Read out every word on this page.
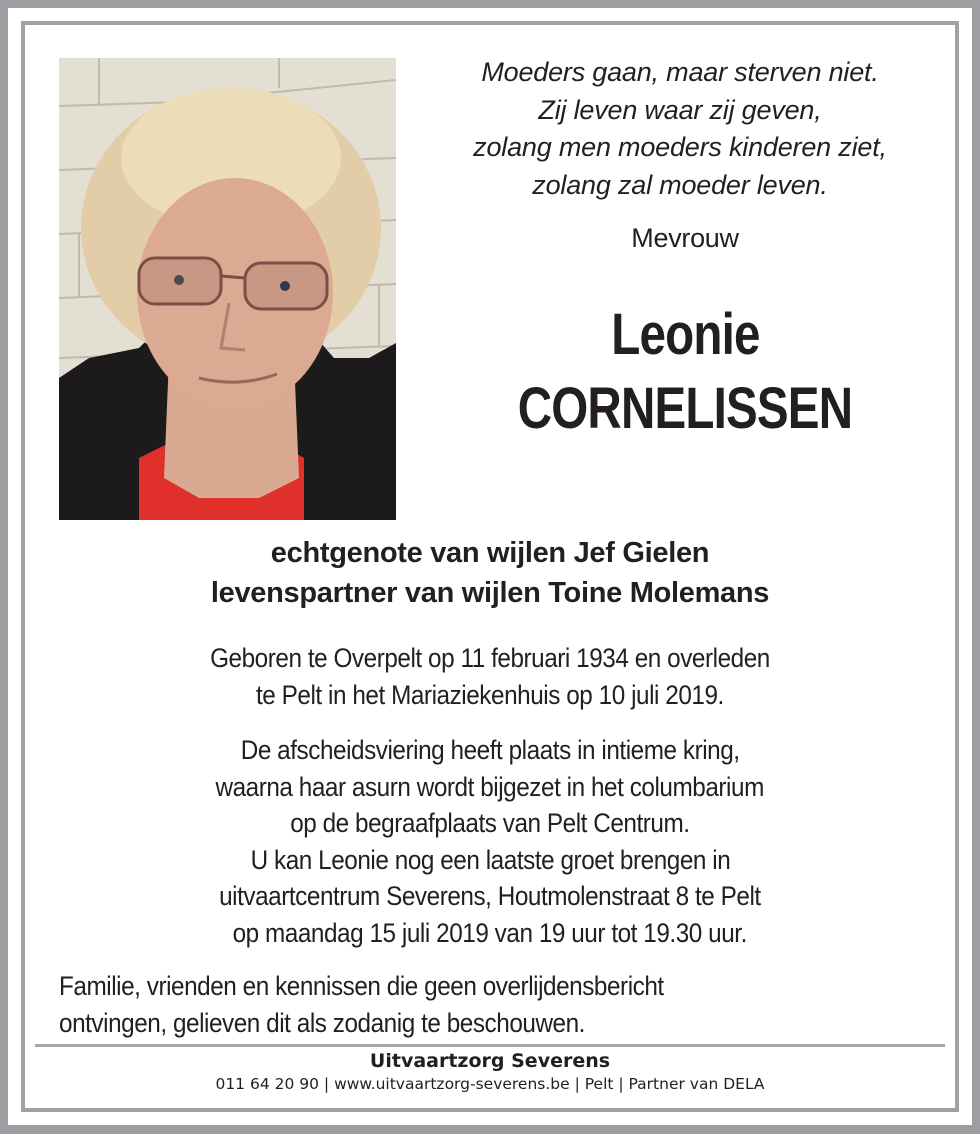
Moeders gaan, maar sterven niet.
Zij leven waar zij geven,
zolang men moeders kinderen ziet,
zolang zal moeder leven.
Mevrouw
Leonie
CORNELISSEN
echtgenote van wijlen Jef Gielen
levenspartner van wijlen Toine Molemans
Geboren te Overpelt op 11 februari 1934 en overleden
te Pelt in het Mariaziekenhuis op 10 juli 2019.
De afscheidsviering heeft plaats in intieme kring,
waarna haar asurn wordt bijgezet in het columbarium
op de begraafplaats van Pelt Centrum.
U kan Leonie nog een laatste groet brengen in
uitvaartcentrum Severens, Houtmolenstraat 8 te Pelt
op maandag 15 juli 2019 van 19 uur tot 19.30 uur.
Familie, vrienden en kennissen die geen overlijdensbericht
ontvingen, gelieven dit als zodanig te beschouwen.
Uitvaartzorg Severens
011 64 20 90 | www.uitvaartzorg-severens.be | Pelt | Partner van DELA
